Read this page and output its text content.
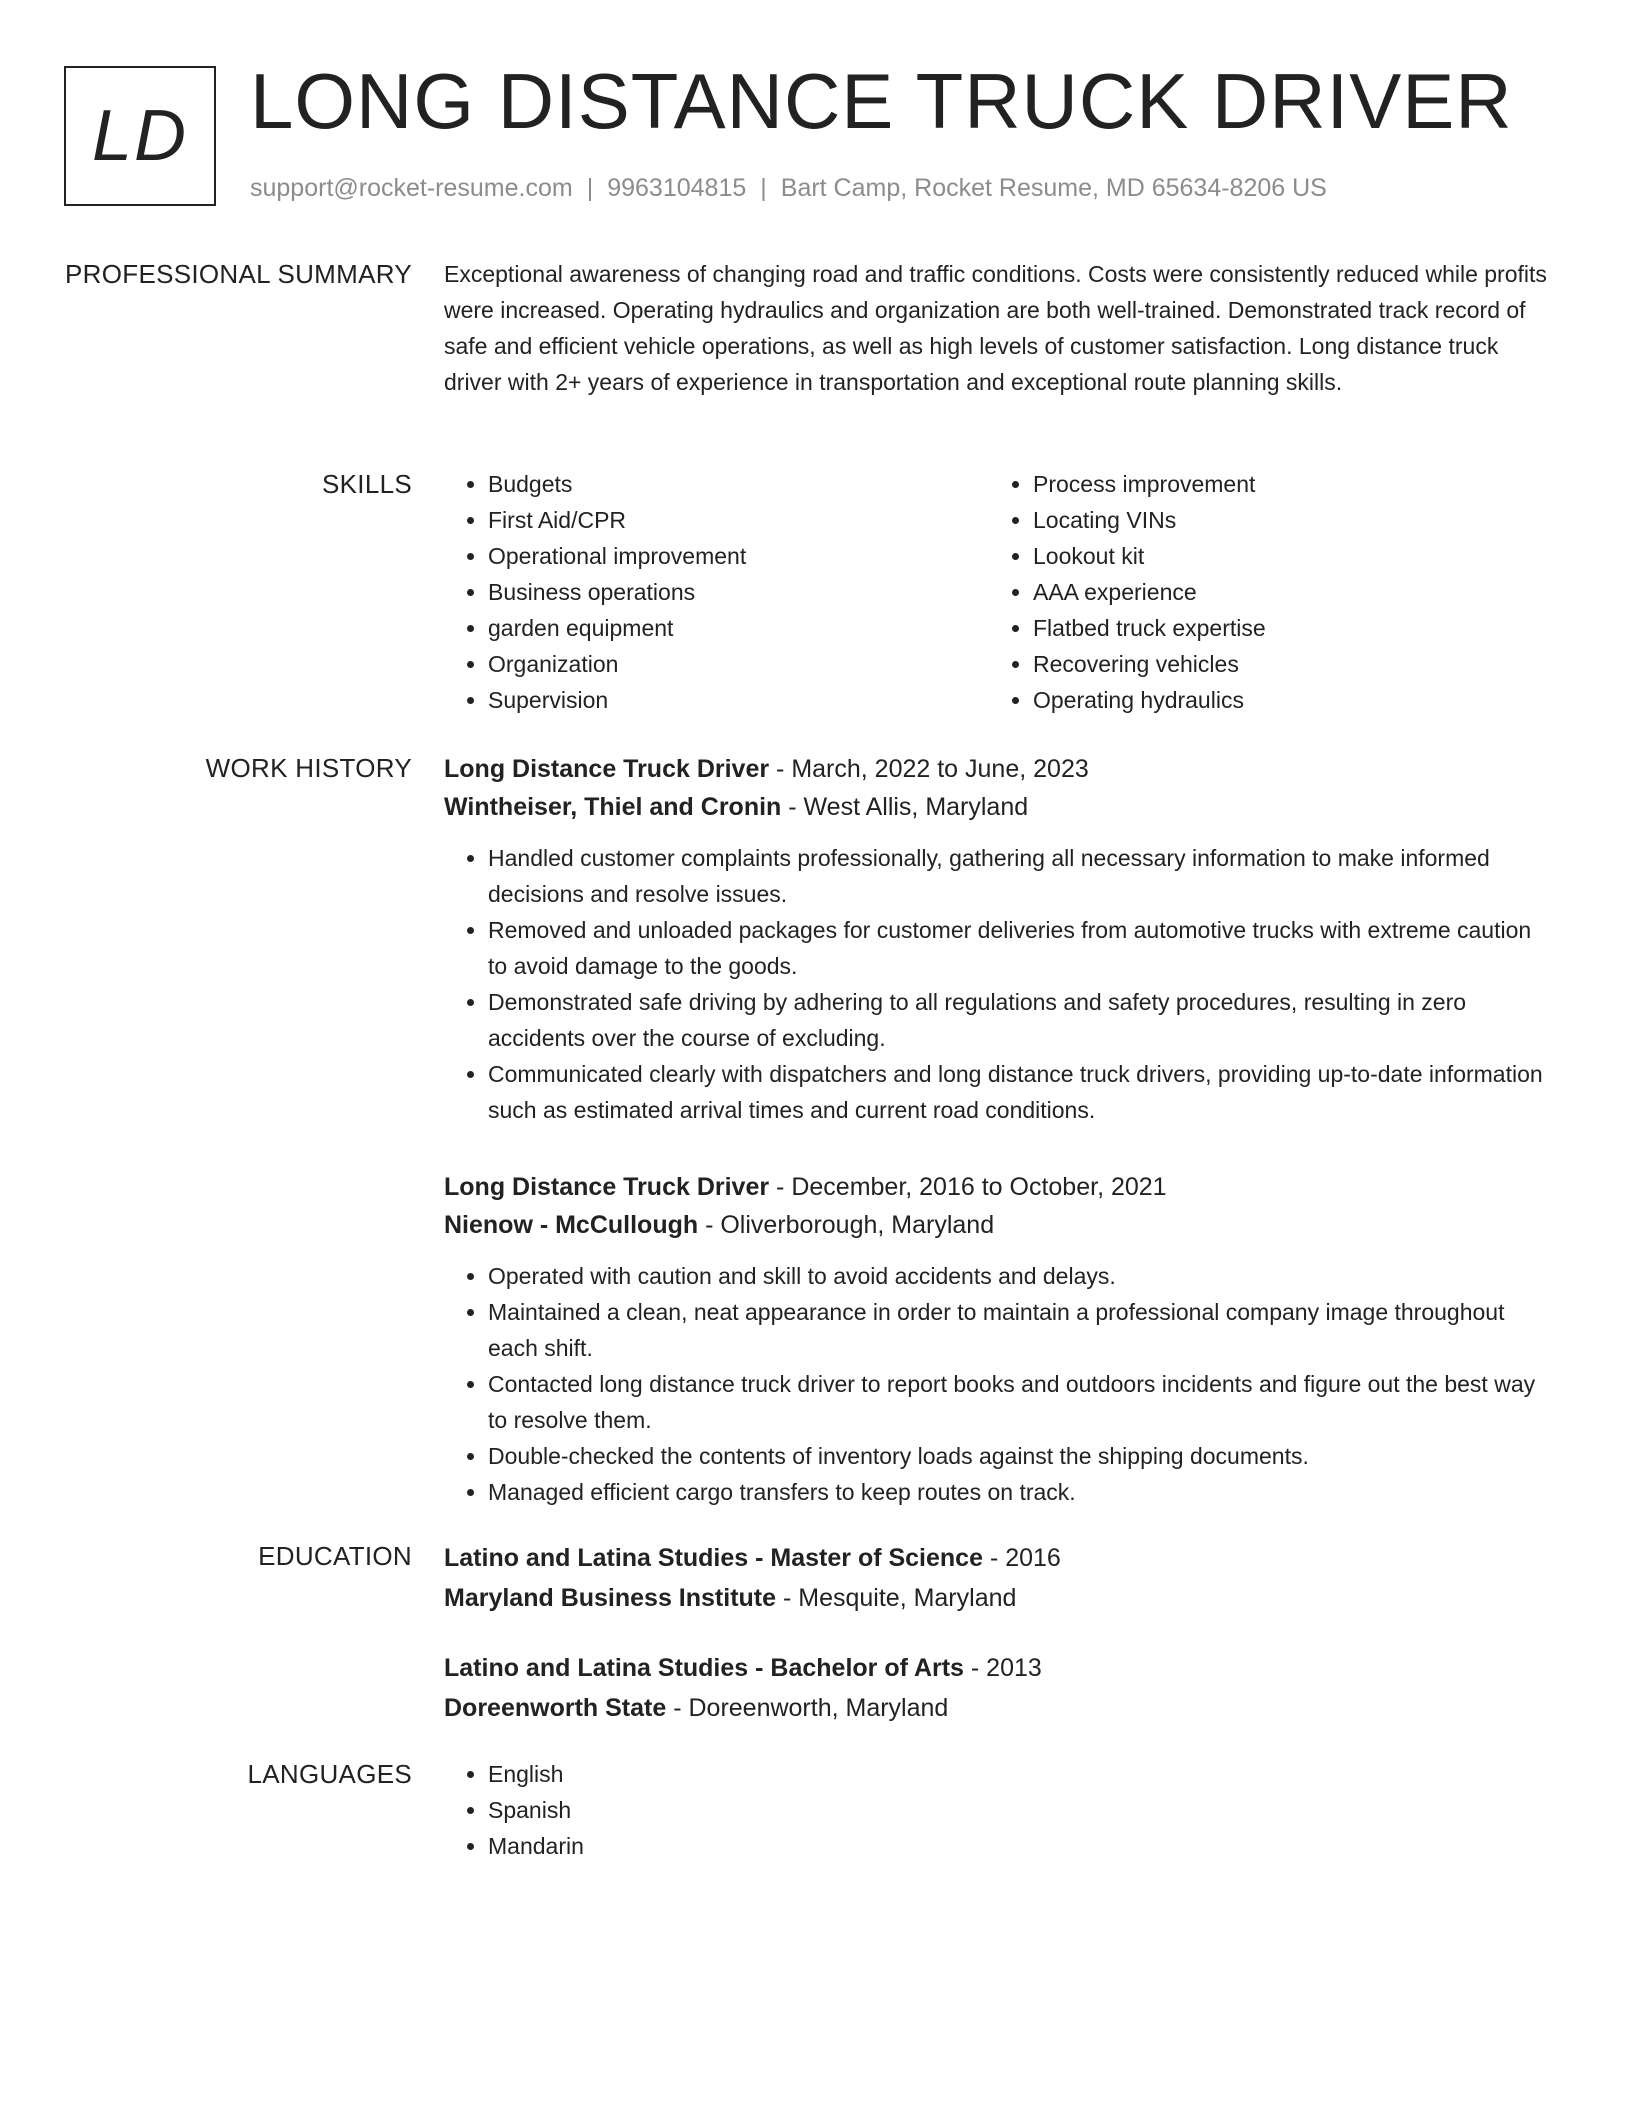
LD LONG DISTANCE TRUCK DRIVER
support@rocket-resume.com | 9963104815 | Bart Camp, Rocket Resume, MD 65634-8206 US
PROFESSIONAL SUMMARY Exceptional awareness of changing road and traffic conditions. Costs were consistently reduced while profits were increased. Operating hydraulics and organization are both well-trained. Demonstrated track record of safe and efficient vehicle operations, as well as high levels of customer satisfaction. Long distance truck driver with 2+ years of experience in transportation and exceptional route planning skills.

SKILLS	• Budgets
• First Aid/CPR
• Operational improvement
• Business operations
• garden equipment
• Organization
• Supervision
• Process improvement
• Locating VINs
• Lookout kit
• AAA experience
• Flatbed truck expertise
• Recovering vehicles
• Operating hydraulics
WORK HISTORY Long Distance Truck Driver - March, 2022 to June, 2023
Wintheiser, Thiel and Cronin - West Allis, Maryland
• Handled customer complaints professionally, gathering all necessary information to make informed decisions and resolve issues.
• Removed and unloaded packages for customer deliveries from automotive trucks with extreme caution to avoid damage to the goods.
• Demonstrated safe driving by adhering to all regulations and safety procedures, resulting in zero accidents over the course of excluding.
• Communicated clearly with dispatchers and long distance truck drivers, providing up-to-date information such as estimated arrival times and current road conditions.
Long Distance Truck Driver - December, 2016 to October, 2021
Nienow - McCullough - Oliverborough, Maryland
• Operated with caution and skill to avoid accidents and delays.
• Maintained a clean, neat appearance in order to maintain a professional company image throughout each shift.
• Contacted long distance truck driver to report books and outdoors incidents and figure out the best way to resolve them.
• Double-checked the contents of inventory loads against the shipping documents.
• Managed efficient cargo transfers to keep routes on track.
EDUCATION Latino and Latina Studies - Master of Science - 2016
Maryland Business Institute - Mesquite, Maryland
Latino and Latina Studies - Bachelor of Arts - 2013
Doreenworth State - Doreenworth, Maryland
LANGUAGES	• English
• Spanish
• Mandarin
